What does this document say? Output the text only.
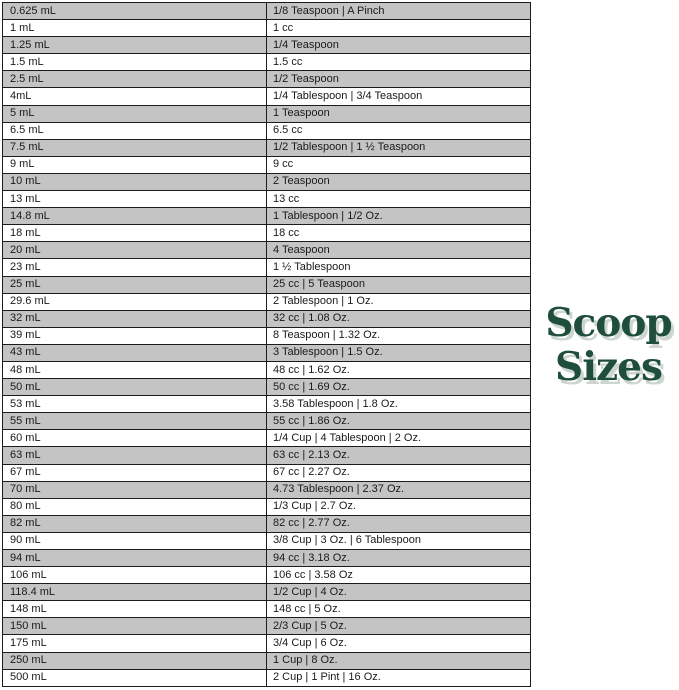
0.625 mL	1/8 Teaspoon | A Pinch
1 mL	1 cc
1.25 mL	1/4 Teaspoon
1.5 mL	1.5 cc
2.5 mL	1/2 Teaspoon
4mL	1/4 Tablespoon | 3/4 Teaspoon
5 mL	1 Teaspoon
6.5 mL	6.5 cc
7.5 mL	1/2 Tablespoon | 1 ½ Teaspoon
9 mL	9 cc
10 mL	2 Teaspoon
13 mL	13 cc
14.8 mL	1 Tablespoon | 1/2 Oz.
18 mL	18 cc
20 mL	4 Teaspoon
23 mL	1 ½ Tablespoon
25 mL	25 cc | 5 Teaspoon
29.6 mL	2 Tablespoon | 1 Oz.
32 mL	32 cc | 1.08 Oz.
39 mL	8 Teaspoon | 1.32 Oz.
43 mL	3 Tablespoon | 1.5 Oz.
48 mL	48 cc | 1.62 Oz.
50 mL	50 cc | 1.69 Oz.
53 mL	3.58 Tablespoon | 1.8 Oz.
55 mL	55 cc | 1.86 Oz.
60 mL	1/4 Cup | 4 Tablespoon | 2 Oz.
63 mL	63 cc | 2.13 Oz.
67 mL	67 cc | 2.27 Oz.
70 mL	4.73 Tablespoon | 2.37 Oz.
80 mL	1/3 Cup | 2.7 Oz.
82 mL	82 cc | 2.77 Oz.
90 mL	3/8 Cup | 3 Oz. | 6 Tablespoon
94 mL	94 cc | 3.18 Oz.
106 mL	106 cc | 3.58 Oz
118.4 mL	1/2 Cup | 4 Oz.
148 mL	148 cc | 5 Oz.
150 mL	2/3 Cup | 5 Oz.
175 mL	3/4 Cup | 6 Oz.
250 mL	1 Cup | 8 Oz.
500 mL	2 Cup | 1 Pint | 16 Oz.
Scoop
Sizes
